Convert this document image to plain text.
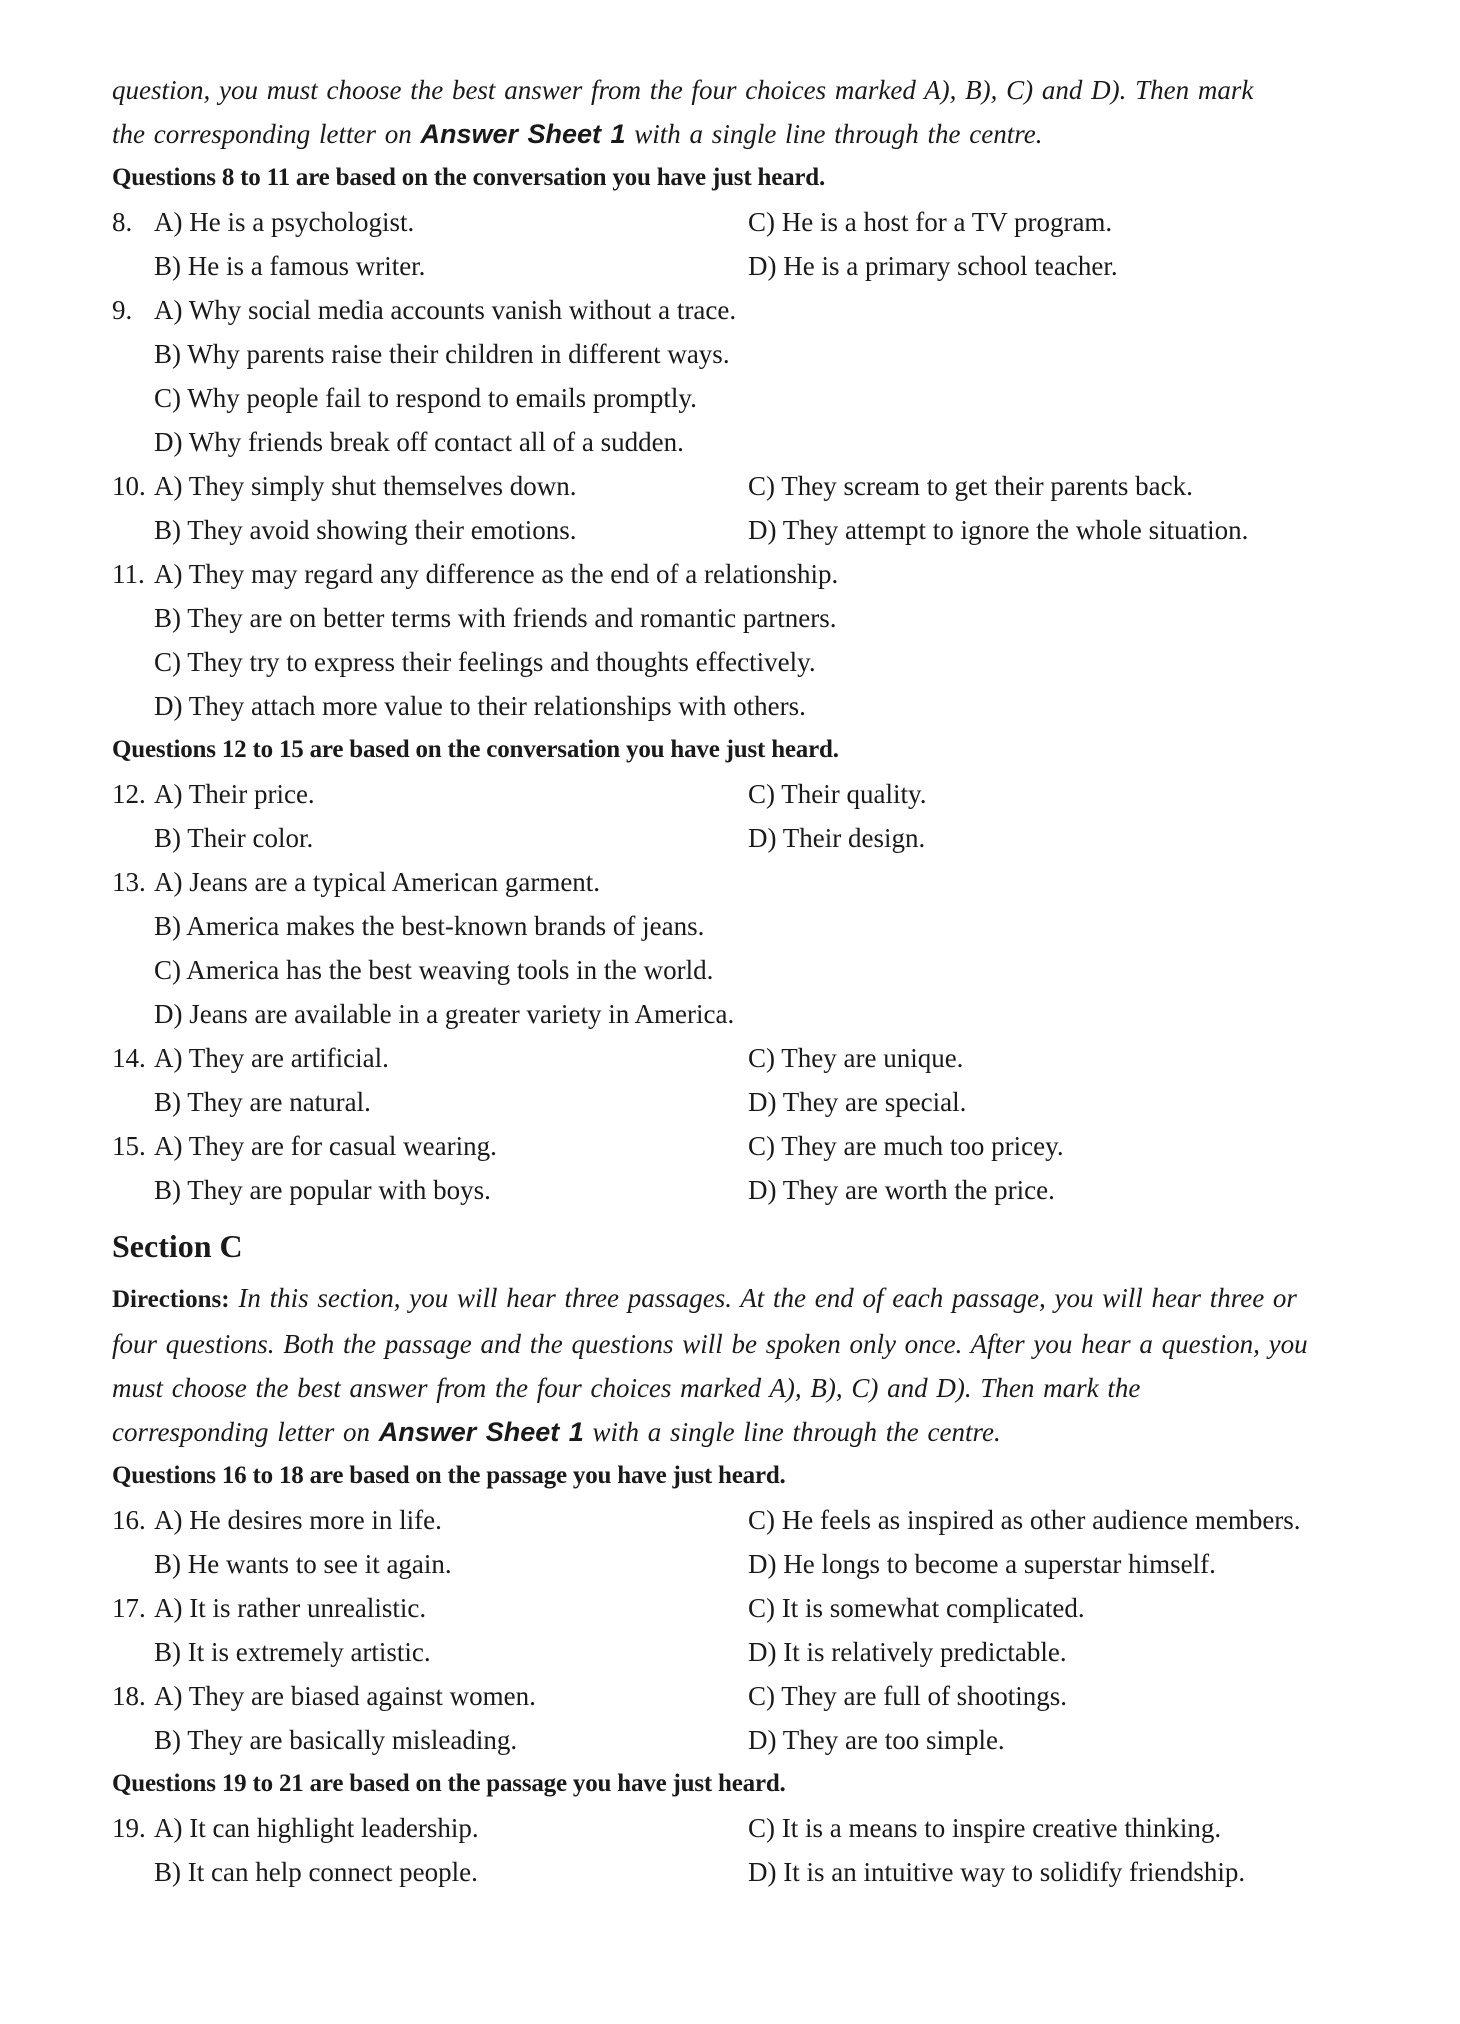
question, you must choose the best answer from the four choices marked A), B), C) and D). Then mark
the corresponding letter on Answer Sheet 1 with a single line through the centre.
Questions 8 to 11 are based on the conversation you have just heard.
8. A) He is a psychologist.	C) He is a host for a TV program.
B) He is a famous writer.	D) He is a primary school teacher.
9. A) Why social media accounts vanish without a trace.
B) Why parents raise their children in different ways.
C) Why people fail to respond to emails promptly.
D) Why friends break off contact all of a sudden.
10. A) They simply shut themselves down.	C) They scream to get their parents back.
B) They avoid showing their emotions.	D) They attempt to ignore the whole situation.
11. A) They may regard any difference as the end of a relationship.
B) They are on better terms with friends and romantic partners.
C) They try to express their feelings and thoughts effectively.
D) They attach more value to their relationships with others.
Questions 12 to 15 are based on the conversation you have just heard.
12. A) Their price.	C) Their quality.
B) Their color.	D) Their design.
13. A) Jeans are a typical American garment.
B) America makes the best-known brands of jeans.
C) America has the best weaving tools in the world.
D) Jeans are available in a greater variety in America.
14. A) They are artificial.	C) They are unique.
B) They are natural.	D) They are special.
15. A) They are for casual wearing.	C) They are much too pricey.
B) They are popular with boys.	D) They are worth the price.
Section C
Directions: In this section, you will hear three passages. At the end of each passage, you will hear three or
four questions. Both the passage and the questions will be spoken only once. After you hear a question, you
must choose the best answer from the four choices marked A), B), C) and D). Then mark the
corresponding letter on Answer Sheet 1 with a single line through the centre.
Questions 16 to 18 are based on the passage you have just heard.
16. A) He desires more in life.	C) He feels as inspired as other audience members.
B) He wants to see it again.	D) He longs to become a superstar himself.
17. A) It is rather unrealistic.	C) It is somewhat complicated.
B) It is extremely artistic.	D) It is relatively predictable.
18. A) They are biased against women.	C) They are full of shootings.
B) They are basically misleading.	D) They are too simple.
Questions 19 to 21 are based on the passage you have just heard.
19. A) It can highlight leadership.	C) It is a means to inspire creative thinking.
B) It can help connect people.	D) It is an intuitive way to solidify friendship.
